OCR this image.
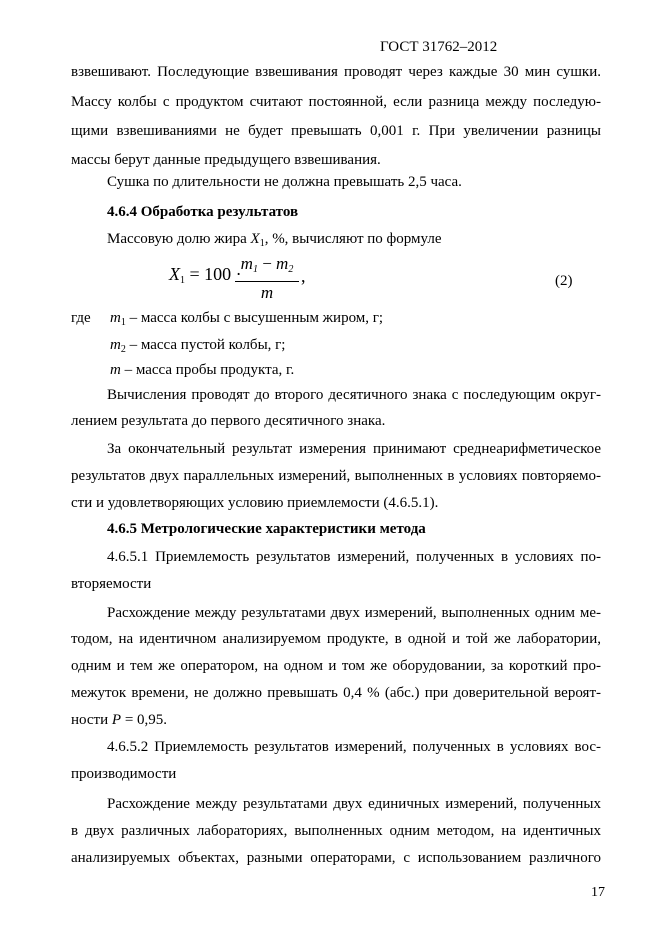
ГОСТ 31762–2012
взвешивают. Последующие взвешивания проводят через каждые 30 мин сушки.
Массу колбы с продуктом считают постоянной, если разница между последую-
щими взвешиваниями не будет превышать 0,001 г. При увеличении разницы
массы берут данные предыдущего взвешивания.
Сушка по длительности не должна превышать 2,5 часа.
4.6.4 Обработка результатов
Массовую долю жира $X_1$, %, вычисляют по формуле
$X_1 = 100$ ·
$m_1 - m_2$
m
,	(2)
где	$m_1$ – масса колбы с высушенным жиром, г;
$m_2$ – масса пустой колбы, г;
m – масса пробы продукта, г.
Вычисления проводят до второго десятичного знака с последующим округ-
лением результата до первого десятичного знака.
За окончательный результат измерения принимают среднеарифметическое
результатов двух параллельных измерений, выполненных в условиях повторяемо-
сти и удовлетворяющих условию приемлемости (4.6.5.1).
4.6.5 Метрологические характеристики метода
4.6.5.1 Приемлемость результатов измерений, полученных в условиях по-
вторяемости
Расхождение между результатами двух измерений, выполненных одним ме-
тодом, на идентичном анализируемом продукте, в одной и той же лаборатории,
одним и тем же оператором, на одном и том же оборудовании, за короткий про-
межуток времени, не должно превышать 0,4 % (абс.) при доверительной вероят-
ности P = 0,95.
4.6.5.2 Приемлемость результатов измерений, полученных в условиях вос-
производимости
Расхождение между результатами двух единичных измерений, полученных
в двух различных лабораториях, выполненных одним методом, на идентичных
анализируемых объектах, разными операторами, с использованием различного
17
